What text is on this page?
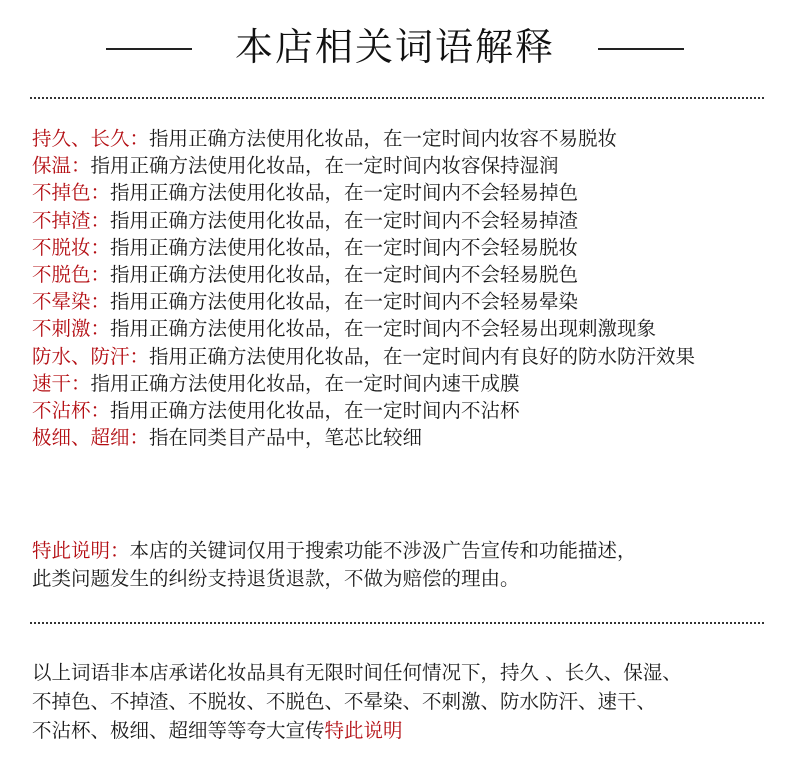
本店相关词语解释
持久、长久：指用正确方法使用化妆品，在一定时间内妆容不易脱妆
保温：指用正确方法使用化妆品，在一定时间内妆容保持湿润
不掉色：指用正确方法使用化妆品，在一定时间内不会轻易掉色
不掉渣：指用正确方法使用化妆品，在一定时间内不会轻易掉渣
不脱妆：指用正确方法使用化妆品，在一定时间内不会轻易脱妆
不脱色：指用正确方法使用化妆品，在一定时间内不会轻易脱色
不晕染：指用正确方法使用化妆品，在一定时间内不会轻易晕染
不刺激：指用正确方法使用化妆品，在一定时间内不会轻易出现刺激现象
防水、防汗：指用正确方法使用化妆品，在一定时间内有良好的防水防汗效果
速干：指用正确方法使用化妆品，在一定时间内速干成膜
不沾杯：指用正确方法使用化妆品，在一定时间内不沾杯
极细、超细：指在同类目产品中，笔芯比较细
特此说明：本店的关键词仅用于搜索功能不涉汲广告宣传和功能描述，
此类问题发生的纠纷支持退货退款，不做为赔偿的理由。
以上词语非本店承诺化妆品具有无限时间任何情况下，持久 、长久、保湿、
不掉色、不掉渣、不脱妆、不脱色、不晕染、不刺激、防水防汗、速干、
不沾杯、极细、超细等等夸大宣传特此说明
